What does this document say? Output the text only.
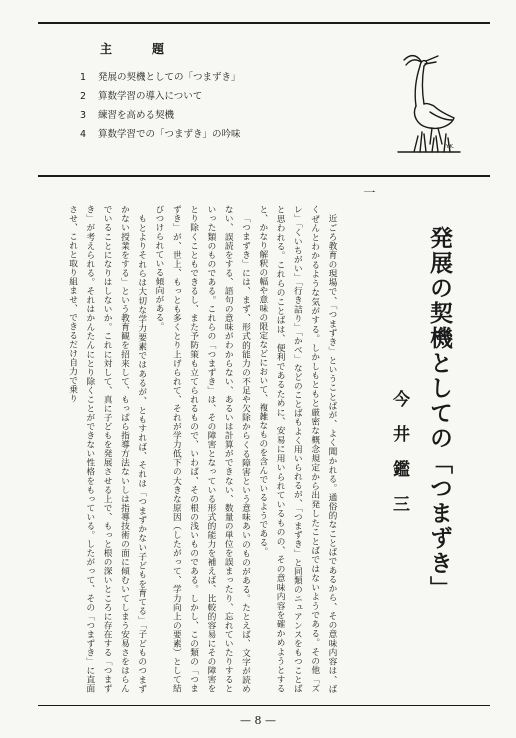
主　題
1 発展の契機としての「つまずき」
2 算数学習の導入について
3 練習を高める契機
4 算数学習での「つまずき」の吟味
Y.K.
発展の契機としての「つまずき」
今井鑑三
一

近ごろ教育の現場で、「つまずき」ということばが、よく聞かれる。通俗的なことばであるから、その意味内容は、ばくぜんとわかるような気がする。しかしもともと厳密な概念規定から出発したことばではないようである。その他「ズレ」「くいちがい」「行き詰り」「かべ」などのことばもよく用いられるが、「つまずき」と同類のニュアンスをもつことばと思われる。これらのことばは、便利であるために、安易に用いられているものの、その意味内容を確かめようとすると、かなり解釈の幅や意味の限定などにおいて、複雑なものを含んでいるようである。

「つまずき」には、まず、形式的能力の不足や欠除からくる障害という意味あいのものがある。たとえば、文字が読めない、誤読をする、語句の意味がわからない、あるいは計算ができない、数量の単位を誤まったり、忘れていたりするといった類のものである。これらの「つまずき」は、その障害となっている形式的能力を補えば、比較的容易にその障害をとり除くこともできるし、また予防策も立てられるもので、いわば、その根の浅いものである。しかし、この類の「つまずき」が、世上、もっとも多くとり上げられて、それが学力低下の大きな原因（したがって、学力向上の要素）として結びつけられている傾向がある。

もとよりそれらは大切な学力要素ではあるが、ともすれば、それは「つまずかない子どもを育てる」「子どものつまずかない授業をする」という教育観を招来して、もっぱら指導方法ないしは指導技術の面に傾むいてしまう安易さをはらんでいることになりはしないか。これに対して、真に子どもを発展させる上で、もっと根の深いところに存在する「つまずき」が考えられる。それはかんたんにとり除くことができない性格をもっている。したがって、その「つまずき」に直面させ、これと取り組ませ、できるだけ自力で乗り

— 8 —
